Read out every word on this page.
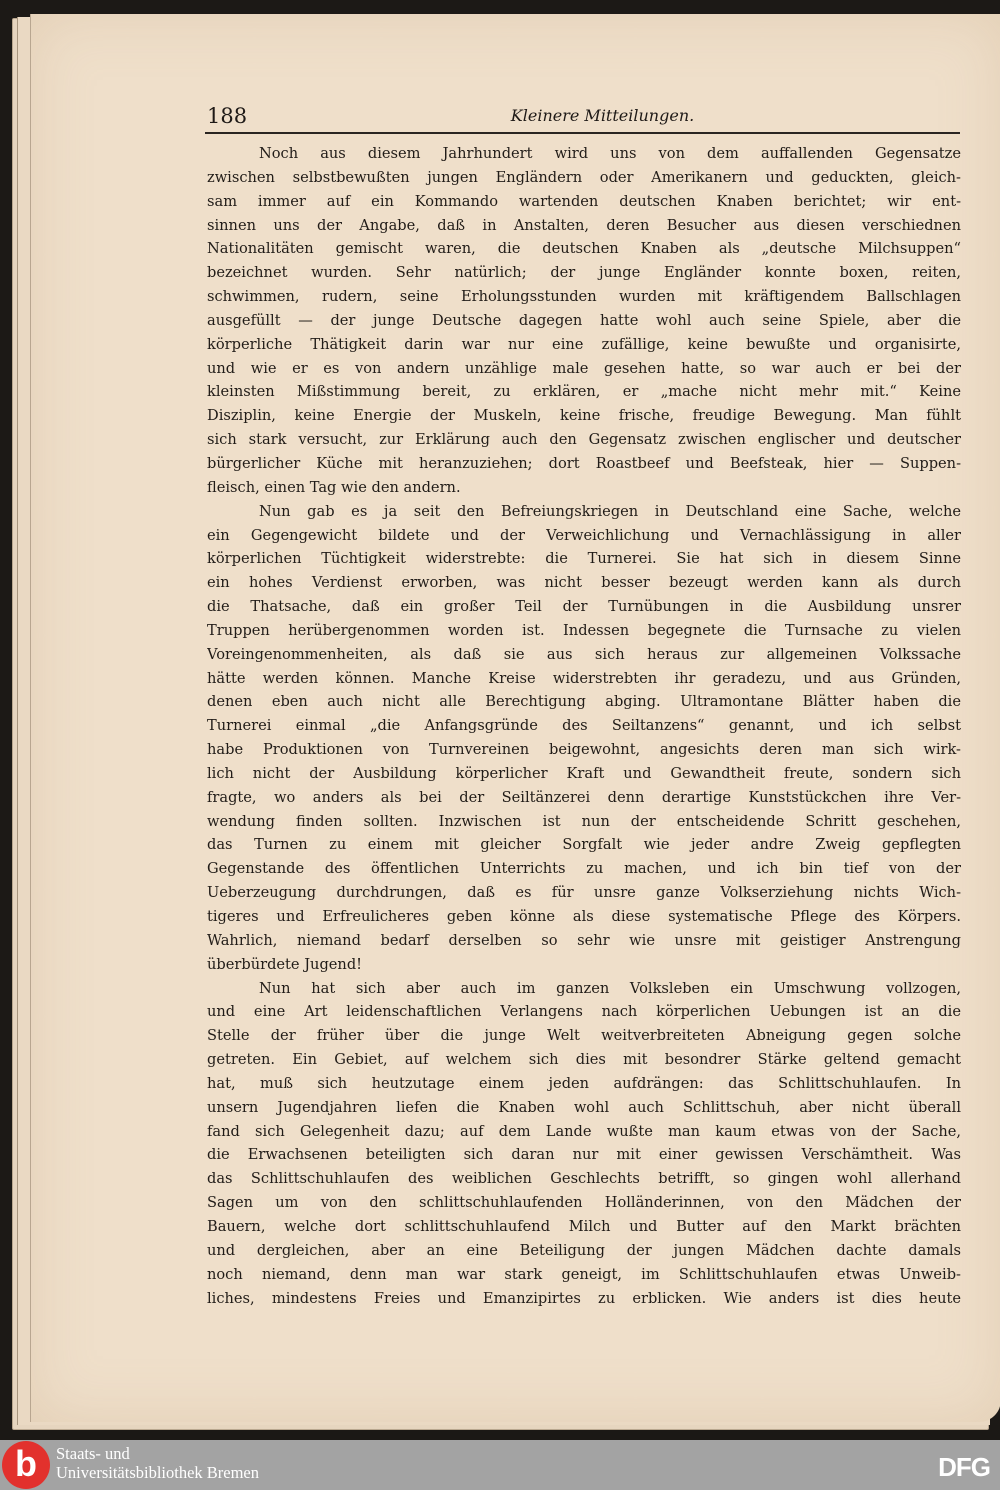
188	Kleinere Mitteilungen.
Noch aus diesem Jahrhundert wird uns von dem auffallenden Gegensatze
zwischen selbstbewußten jungen Engländern oder Amerikanern und geduckten, gleich-
sam immer auf ein Kommando wartenden deutschen Knaben berichtet; wir ent-
sinnen uns der Angabe, daß in Anstalten, deren Besucher aus diesen verschiednen
Nationalitäten gemischt waren, die deutschen Knaben als „deutsche Milchsuppen“
bezeichnet wurden. Sehr natürlich; der junge Engländer konnte boxen, reiten,
schwimmen, rudern, seine Erholungsstunden wurden mit kräftigendem Ballschlagen
ausgefüllt — der junge Deutsche dagegen hatte wohl auch seine Spiele, aber die
körperliche Thätigkeit darin war nur eine zufällige, keine bewußte und organisirte,
und wie er es von andern unzählige male gesehen hatte, so war auch er bei der
kleinsten Mißstimmung bereit, zu erklären, er „mache nicht mehr mit.“ Keine
Disziplin, keine Energie der Muskeln, keine frische, freudige Bewegung. Man fühlt
sich stark versucht, zur Erklärung auch den Gegensatz zwischen englischer und deutscher
bürgerlicher Küche mit heranzuziehen; dort Roastbeef und Beefsteak, hier — Suppen-
fleisch, einen Tag wie den andern.
Nun gab es ja seit den Befreiungskriegen in Deutschland eine Sache, welche
ein Gegengewicht bildete und der Verweichlichung und Vernachlässigung in aller
körperlichen Tüchtigkeit widerstrebte: die Turnerei. Sie hat sich in diesem Sinne
ein hohes Verdienst erworben, was nicht besser bezeugt werden kann als durch
die Thatsache, daß ein großer Teil der Turnübungen in die Ausbildung unsrer
Truppen herübergenommen worden ist. Indessen begegnete die Turnsache zu vielen
Voreingenommenheiten, als daß sie aus sich heraus zur allgemeinen Volkssache
hätte werden können. Manche Kreise widerstrebten ihr geradezu, und aus Gründen,
denen eben auch nicht alle Berechtigung abging. Ultramontane Blätter haben die
Turnerei einmal „die Anfangsgründe des Seiltanzens“ genannt, und ich selbst
habe Produktionen von Turnvereinen beigewohnt, angesichts deren man sich wirk-
lich nicht der Ausbildung körperlicher Kraft und Gewandtheit freute, sondern sich
fragte, wo anders als bei der Seiltänzerei denn derartige Kunststückchen ihre Ver-
wendung finden sollten. Inzwischen ist nun der entscheidende Schritt geschehen,
das Turnen zu einem mit gleicher Sorgfalt wie jeder andre Zweig gepflegten
Gegenstande des öffentlichen Unterrichts zu machen, und ich bin tief von der
Ueberzeugung durchdrungen, daß es für unsre ganze Volkserziehung nichts Wich-
tigeres und Erfreulicheres geben könne als diese systematische Pflege des Körpers.
Wahrlich, niemand bedarf derselben so sehr wie unsre mit geistiger Anstrengung
überbürdete Jugend!
Nun hat sich aber auch im ganzen Volksleben ein Umschwung vollzogen,
und eine Art leidenschaftlichen Verlangens nach körperlichen Uebungen ist an die
Stelle der früher über die junge Welt weitverbreiteten Abneigung gegen solche
getreten. Ein Gebiet, auf welchem sich dies mit besondrer Stärke geltend gemacht
hat, muß sich heutzutage einem jeden aufdrängen: das Schlittschuhlaufen. In
unsern Jugendjahren liefen die Knaben wohl auch Schlittschuh, aber nicht überall
fand sich Gelegenheit dazu; auf dem Lande wußte man kaum etwas von der Sache,
die Erwachsenen beteiligten sich daran nur mit einer gewissen Verschämtheit. Was
das Schlittschuhlaufen des weiblichen Geschlechts betrifft, so gingen wohl allerhand
Sagen um von den schlittschuhlaufenden Holländerinnen, von den Mädchen der
Bauern, welche dort schlittschuhlaufend Milch und Butter auf den Markt brächten
und dergleichen, aber an eine Beteiligung der jungen Mädchen dachte damals
noch niemand, denn man war stark geneigt, im Schlittschuhlaufen etwas Unweib-
liches, mindestens Freies und Emanzipirtes zu erblicken. Wie anders ist dies heute
b	Staats- und
Universitätsbibliothek Bremen	DFG
